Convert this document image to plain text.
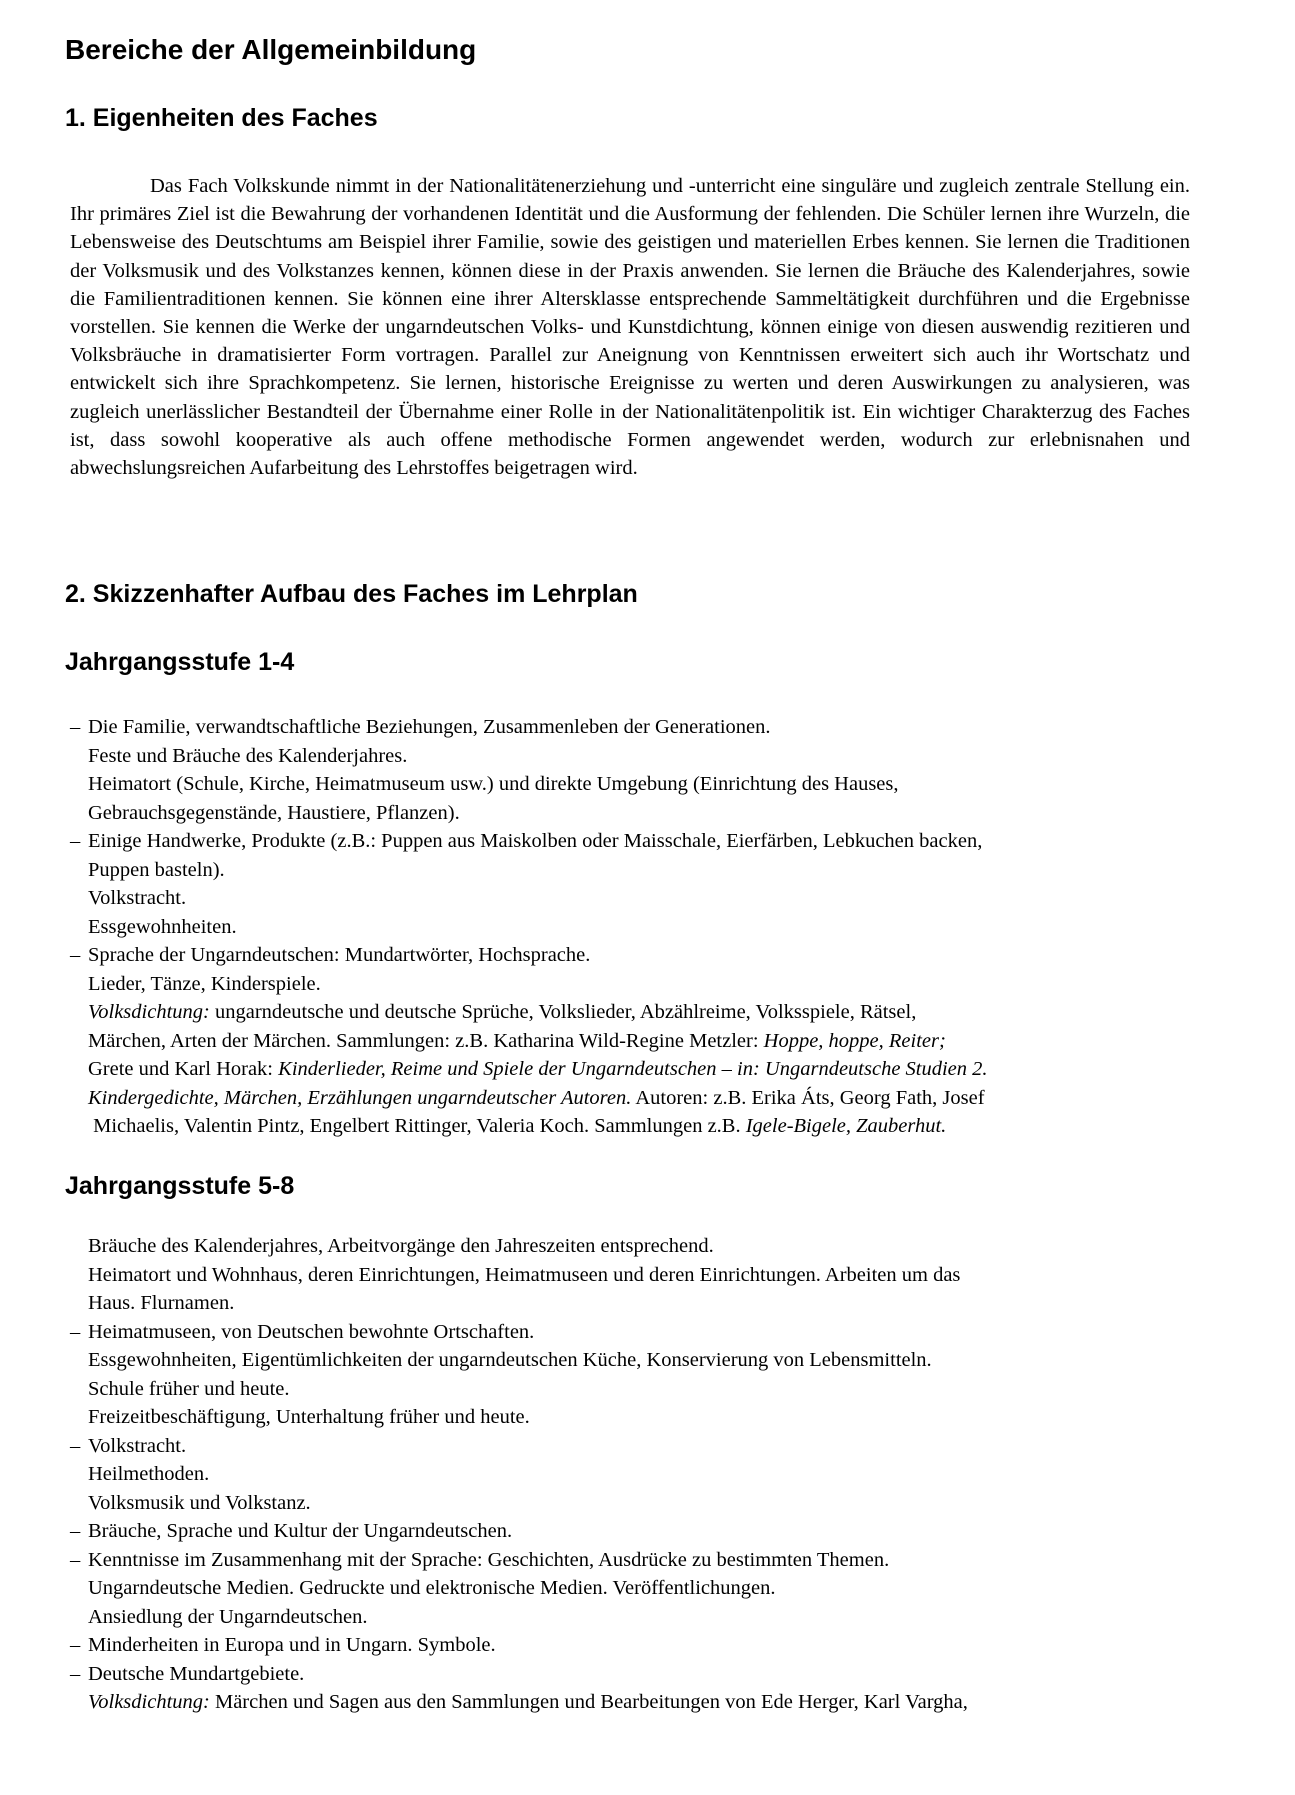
Bereiche der Allgemeinbildung
1. Eigenheiten des Faches

Das Fach Volkskunde nimmt in der Nationalitätenerziehung und -unterricht eine singuläre und zugleich zentrale Stellung ein. Ihr primäres Ziel ist die Bewahrung der vorhandenen Identität und die Ausformung der fehlenden. Die Schüler lernen ihre Wurzeln, die Lebensweise des Deutschtums am Beispiel ihrer Familie, sowie des geistigen und materiellen Erbes kennen. Sie lernen die Traditionen der Volksmusik und des Volkstanzes kennen, können diese in der Praxis anwenden. Sie lernen die Bräuche des Kalenderjahres, sowie die Familientraditionen kennen. Sie können eine ihrer Altersklasse entsprechende Sammeltätigkeit durchführen und die Ergebnisse vorstellen. Sie kennen die Werke der ungarndeutschen Volks- und Kunstdichtung, können einige von diesen auswendig rezitieren und Volksbräuche in dramatisierter Form vortragen. Parallel zur Aneignung von Kenntnissen erweitert sich auch ihr Wortschatz und entwickelt sich ihre Sprachkompetenz. Sie lernen, historische Ereignisse zu werten und deren Auswirkungen zu analysieren, was zugleich unerlässlicher Bestandteil der Übernahme einer Rolle in der Nationalitätenpolitik ist. Ein wichtiger Charakterzug des Faches ist, dass sowohl kooperative als auch offene methodische Formen angewendet werden, wodurch zur erlebnisnahen und abwechslungsreichen Aufarbeitung des Lehrstoffes beigetragen wird.

2. Skizzenhafter Aufbau des Faches im Lehrplan
Jahrgangsstufe 1-4
– Die Familie, verwandtschaftliche Beziehungen, Zusammenleben der Generationen.
Feste und Bräuche des Kalenderjahres.
Heimatort (Schule, Kirche, Heimatmuseum usw.) und direkte Umgebung (Einrichtung des Hauses,
Gebrauchsgegenstände, Haustiere, Pflanzen).
– Einige Handwerke, Produkte (z.B.: Puppen aus Maiskolben oder Maisschale, Eierfärben, Lebkuchen backen,
Puppen basteln).
Volkstracht.
Essgewohnheiten.
– Sprache der Ungarndeutschen: Mundartwörter, Hochsprache.
Lieder, Tänze, Kinderspiele.
Volksdichtung: ungarndeutsche und deutsche Sprüche, Volkslieder, Abzählreime, Volksspiele, Rätsel,
Märchen, Arten der Märchen. Sammlungen: z.B. Katharina Wild-Regine Metzler: Hoppe, hoppe, Reiter;
Grete und Karl Horak: Kinderlieder, Reime und Spiele der Ungarndeutschen – in: Ungarndeutsche Studien 2.
Kindergedichte, Märchen, Erzählungen ungarndeutscher Autoren. Autoren: z.B. Erika Áts, Georg Fath, Josef
Michaelis, Valentin Pintz, Engelbert Rittinger, Valeria Koch. Sammlungen z.B. Igele-Bigele, Zauberhut.
Jahrgangsstufe 5-8
Bräuche des Kalenderjahres, Arbeitvorgänge den Jahreszeiten entsprechend.
Heimatort und Wohnhaus, deren Einrichtungen, Heimatmuseen und deren Einrichtungen. Arbeiten um das
Haus. Flurnamen.
– Heimatmuseen, von Deutschen bewohnte Ortschaften.
Essgewohnheiten, Eigentümlichkeiten der ungarndeutschen Küche, Konservierung von Lebensmitteln.
Schule früher und heute.
Freizeitbeschäftigung, Unterhaltung früher und heute.
– Volkstracht.
Heilmethoden.
Volksmusik und Volkstanz.
– Bräuche, Sprache und Kultur der Ungarndeutschen.
– Kenntnisse im Zusammenhang mit der Sprache: Geschichten, Ausdrücke zu bestimmten Themen.
Ungarndeutsche Medien. Gedruckte und elektronische Medien. Veröffentlichungen.
Ansiedlung der Ungarndeutschen.
– Minderheiten in Europa und in Ungarn. Symbole.
– Deutsche Mundartgebiete.
Volksdichtung: Märchen und Sagen aus den Sammlungen und Bearbeitungen von Ede Herger, Karl Vargha,
